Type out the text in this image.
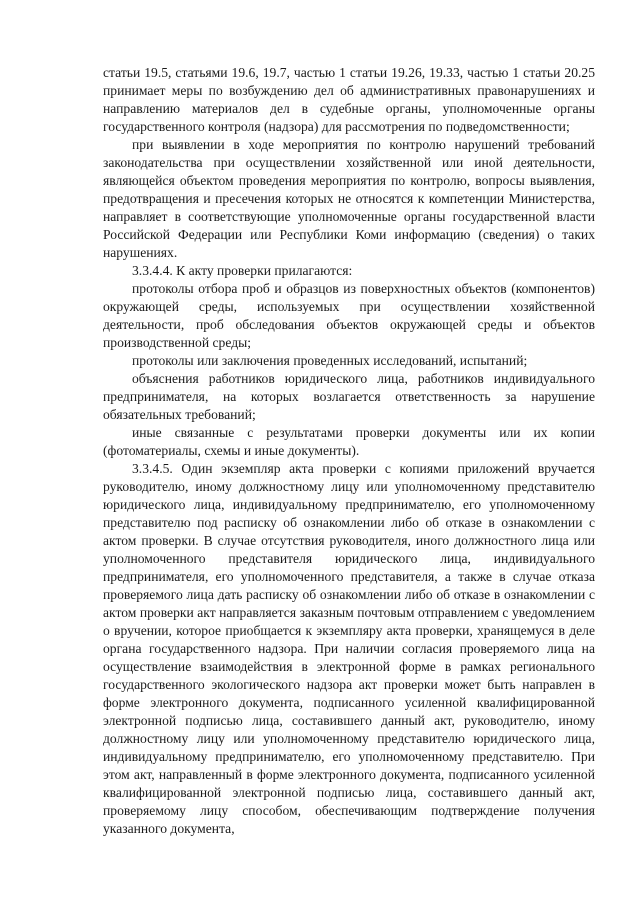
статьи 19.5, статьями 19.6, 19.7, частью 1 статьи 19.26, 19.33, частью 1 статьи 20.25 принимает меры по возбуждению дел об административных правонарушениях и направлению материалов дел в судебные органы, уполномоченные органы государственного контроля (надзора) для рассмотрения по подведомственности;

при выявлении в ходе мероприятия по контролю нарушений требований законодательства при осуществлении хозяйственной или иной деятельности, являющейся объектом проведения мероприятия по контролю, вопросы выявления, предотвращения и пресечения которых не относятся к компетенции Министерства, направляет в соответствующие уполномоченные органы государственной власти Российской Федерации или Республики Коми информацию (сведения) о таких нарушениях.

3.3.4.4. К акту проверки прилагаются:

протоколы отбора проб и образцов из поверхностных объектов (компонентов) окружающей среды, используемых при осуществлении хозяйственной деятельности, проб обследования объектов окружающей среды и объектов производственной среды;

протоколы или заключения проведенных исследований, испытаний;

объяснения работников юридического лица, работников индивидуального предпринимателя, на которых возлагается ответственность за нарушение обязательных требований;

иные связанные с результатами проверки документы или их копии (фотоматериалы, схемы и иные документы).

3.3.4.5. Один экземпляр акта проверки с копиями приложений вручается руководителю, иному должностному лицу или уполномоченному представителю юридического лица, индивидуальному предпринимателю, его уполномоченному представителю под расписку об ознакомлении либо об отказе в ознакомлении с актом проверки. В случае отсутствия руководителя, иного должностного лица или уполномоченного представителя юридического лица, индивидуального предпринимателя, его уполномоченного представителя, а также в случае отказа проверяемого лица дать расписку об ознакомлении либо об отказе в ознакомлении с актом проверки акт направляется заказным почтовым отправлением с уведомлением о вручении, которое приобщается к экземпляру акта проверки, хранящемуся в деле органа государственного надзора. При наличии согласия проверяемого лица на осуществление взаимодействия в электронной форме в рамках регионального государственного экологического надзора акт проверки может быть направлен в форме электронного документа, подписанного усиленной квалифицированной электронной подписью лица, составившего данный акт, руководителю, иному должностному лицу или уполномоченному представителю юридического лица, индивидуальному предпринимателю, его уполномоченному представителю. При этом акт, направленный в форме электронного документа, подписанного усиленной квалифицированной электронной подписью лица, составившего данный акт, проверяемому лицу способом, обеспечивающим подтверждение получения указанного документа,
